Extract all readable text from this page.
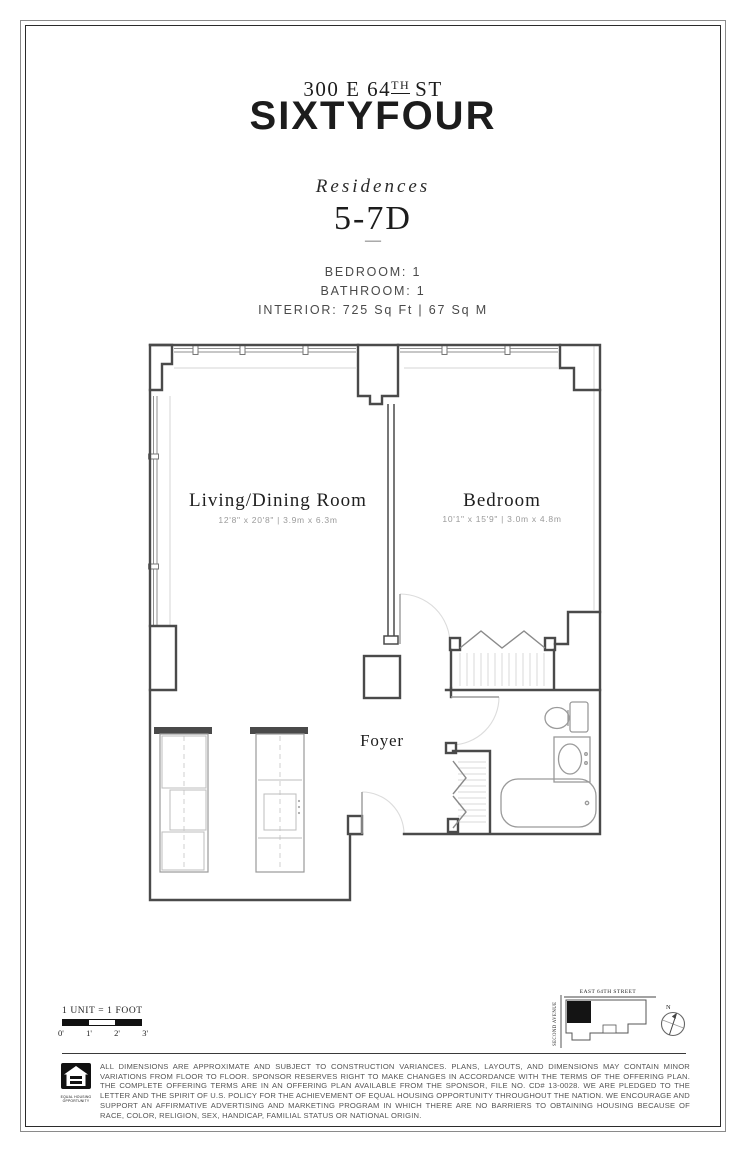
300 E 64TH ST
SIXTYFOUR
Residences
5-7D
—
BEDROOM: 1
BATHROOM: 1
INTERIOR: 725 Sq Ft | 67 Sq M
Living/Dining Room
12'8" x 20'8" | 3.9m x 6.3m
Bedroom
10'1" x 15'9" | 3.0m x 4.8m
Foyer
1 UNIT = 1 FOOT
0'	1'	2'	3'
EAST 64TH STREET
SECOND AVENUE	N
EQUAL HOUSING
OPPORTUNITY
ALL DIMENSIONS ARE APPROXIMATE AND SUBJECT TO CONSTRUCTION VARIANCES. PLANS, LAYOUTS, AND DIMENSIONS MAY CONTAIN MINOR VARIATIONS FROM FLOOR TO FLOOR. SPONSOR RESERVES RIGHT TO MAKE CHANGES IN ACCORDANCE WITH THE TERMS OF THE OFFERING PLAN. THE COMPLETE OFFERING TERMS ARE IN AN OFFERING PLAN AVAILABLE FROM THE SPONSOR, FILE NO. CD# 13-0028. WE ARE PLEDGED TO THE LETTER AND THE SPIRIT OF U.S. POLICY FOR THE ACHIEVEMENT OF EQUAL HOUSING OPPORTUNITY THROUGHOUT THE NATION. WE ENCOURAGE AND SUPPORT AN AFFIRMATIVE ADVERTISING AND MARKETING PROGRAM IN WHICH THERE ARE NO BARRIERS TO OBTAINING HOUSING BECAUSE OF RACE, COLOR, RELIGION, SEX, HANDICAP, FAMILIAL STATUS OR NATIONAL ORIGIN.
